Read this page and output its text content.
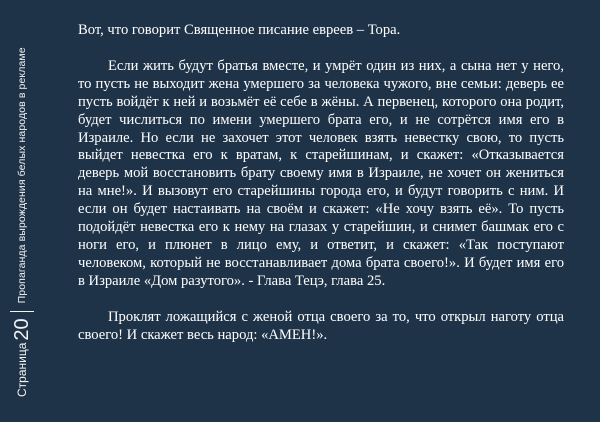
Страница
20
Пропаганда вырождения белых народов в рекламе

Вот, что говорит Священное писание евреев – Тора.

Если жить будут братья вместе, и умрёт один из них, а сына нет у него, то пусть не выходит жена умершего за человека чужого, вне семьи: деверь ее пусть войдёт к ней и возьмёт её себе в жёны. А первенец, которого она родит, будет числиться по имени умершего брата его, и не сотрётся имя его в Израиле. Но если не захочет этот человек взять невестку свою, то пусть выйдет невестка его к вратам, к старейшинам, и скажет: «Отказывается деверь мой восстановить брату своему имя в Израиле, не хочет он жениться на мне!». И вызовут его старейшины города его, и будут говорить с ним. И если он будет настаивать на своём и скажет: «Не хочу взять её». То пусть подойдёт невестка его к нему на глазах у старейшин, и снимет башмак его с ноги его, и плюнет в лицо ему, и ответит, и скажет: «Так поступают человеком, который не восстанавливает дома брата своего!». И будет имя его в Израиле «Дом разутого». - Глава Тецэ, глава 25.

Проклят ложащийся с женой отца своего за то, что открыл наготу отца своего! И скажет весь народ: «АМЕН!».
